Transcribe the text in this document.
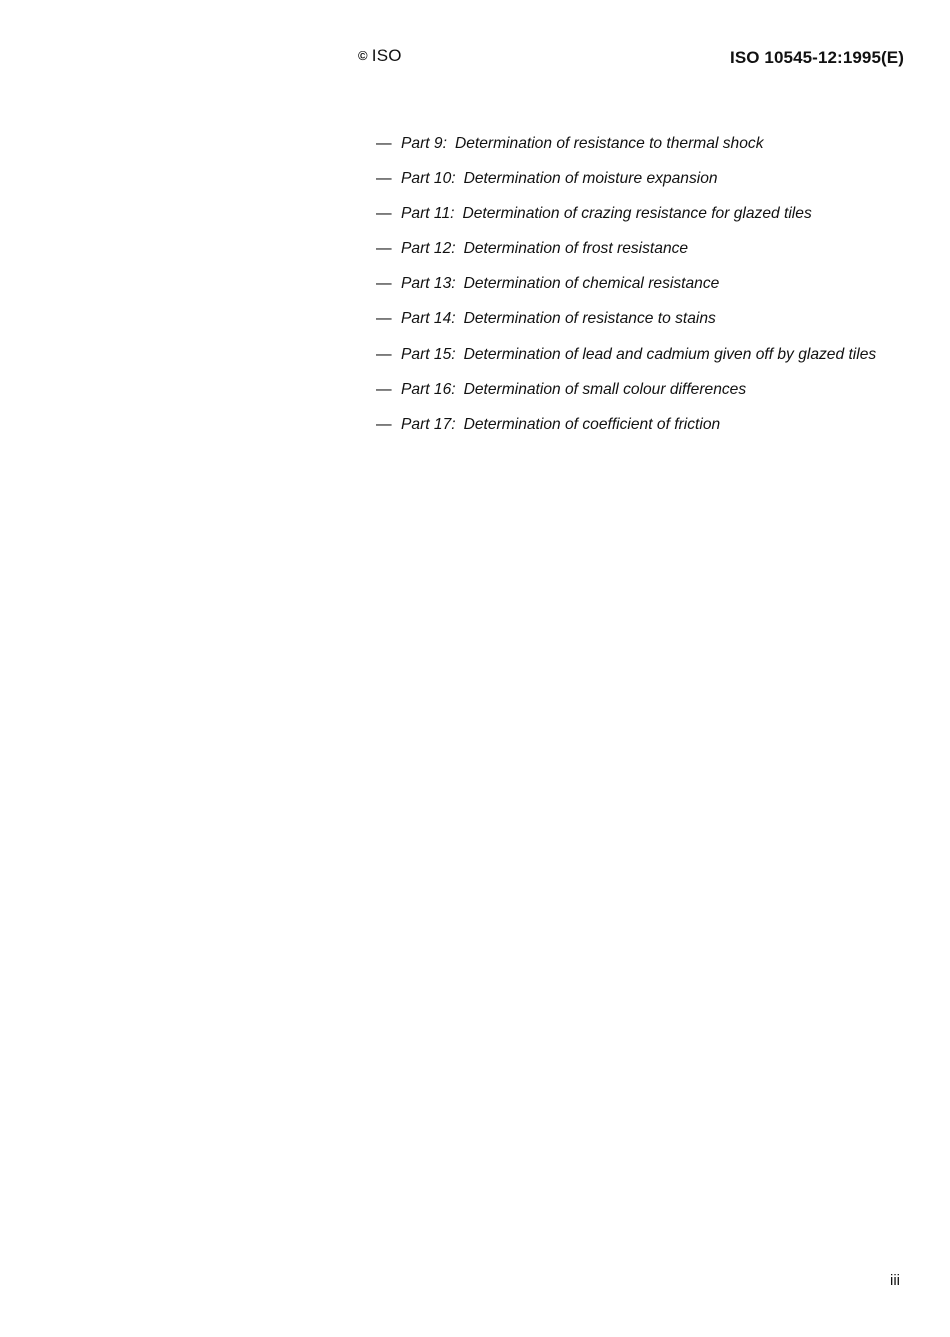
© ISO	ISO 10545-12:1995(E)
— Part 9: Determination of resistance to thermal shock
— Part 10: Determination of moisture expansion
— Part 11: Determination of crazing resistance for glazed tiles
— Part 12: Determination of frost resistance
— Part 13: Determination of chemical resistance
— Part 14: Determination of resistance to stains
— Part 15: Determination of lead and cadmium given off by glazed tiles
— Part 16: Determination of small colour differences
— Part 17: Determination of coefficient of friction
iii
